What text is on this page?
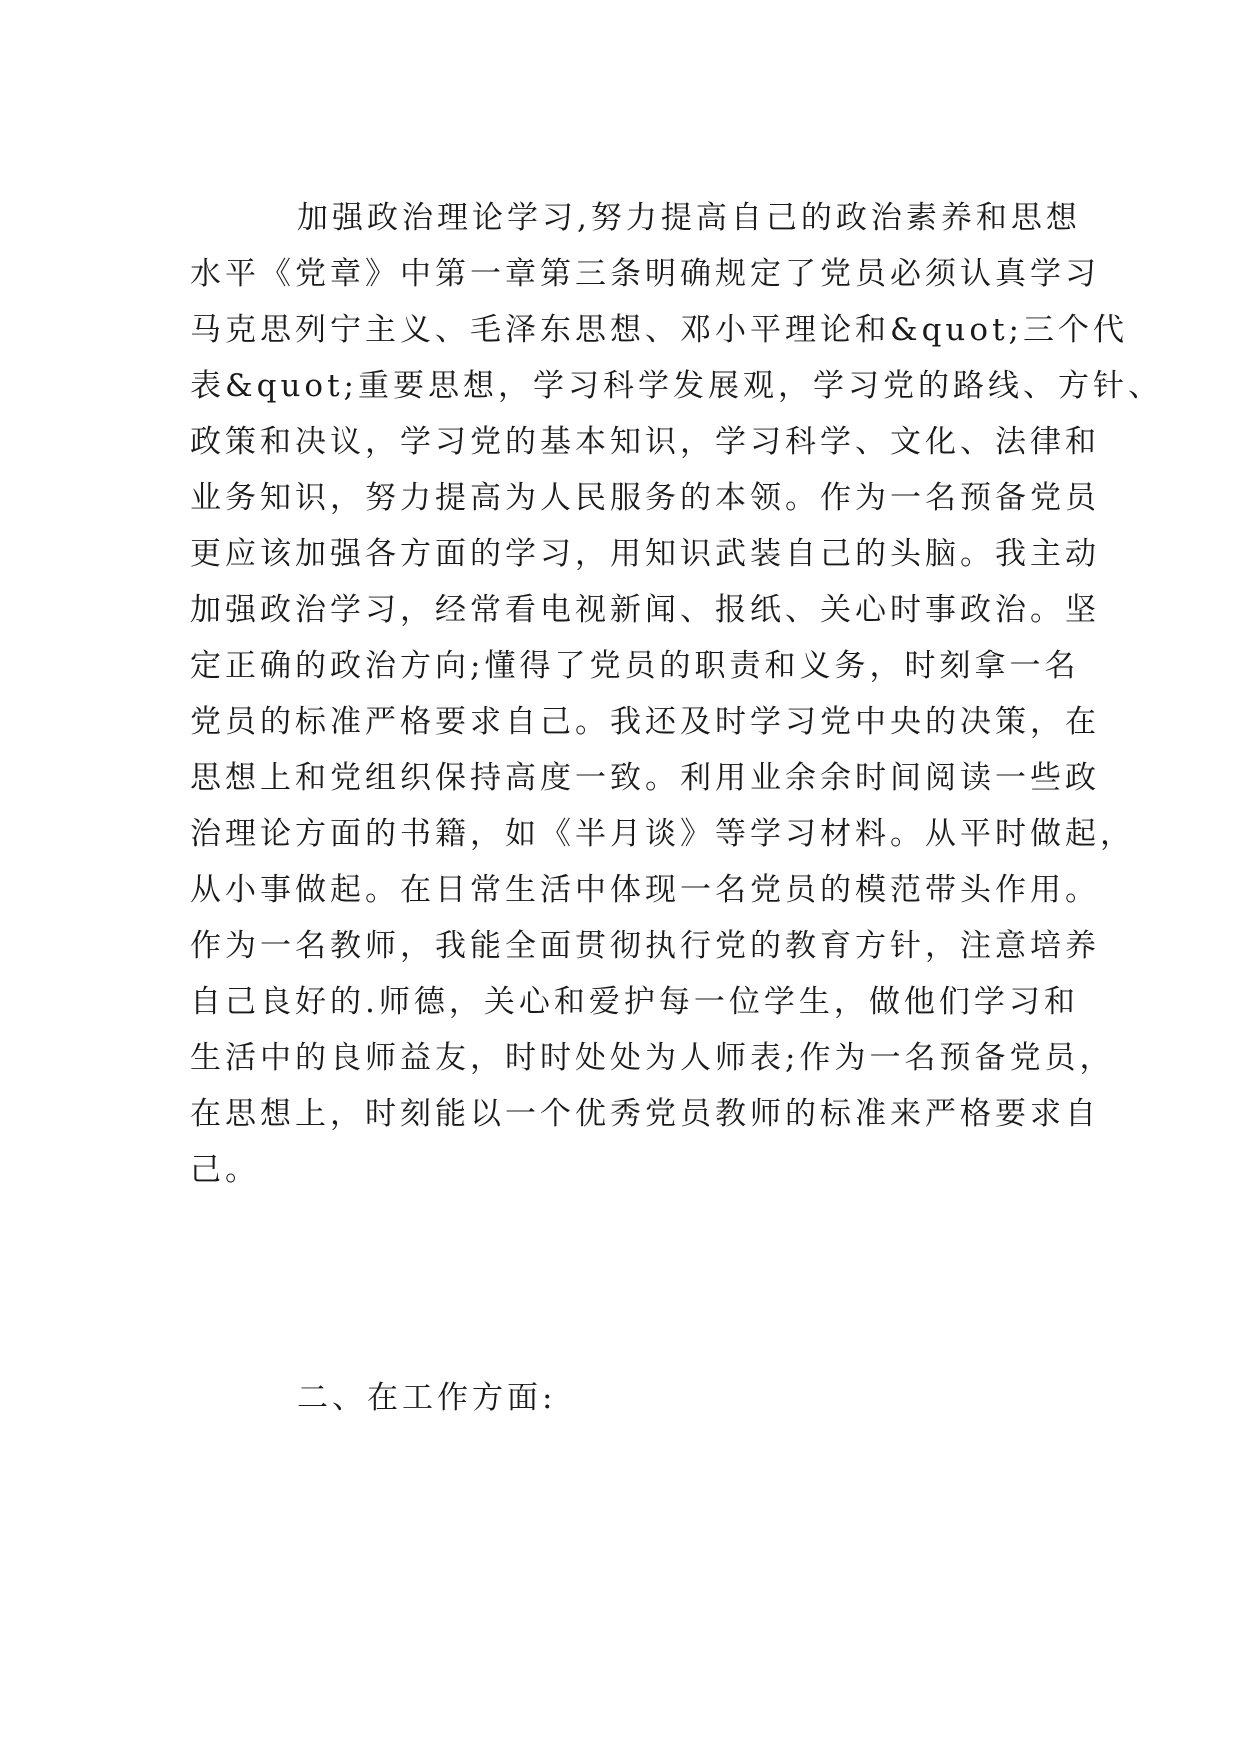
加强政治理论学习,努力提高自己的政治素养和思想
水平《党章》中第一章第三条明确规定了党员必须认真学习
马克思列宁主义、毛泽东思想、邓小平理论和&quot;三个代
表&quot;重要思想，学习科学发展观，学习党的路线、方针、
政策和决议，学习党的基本知识，学习科学、文化、法律和
业务知识，努力提高为人民服务的本领。作为一名预备党员
更应该加强各方面的学习，用知识武装自己的头脑。我主动
加强政治学习，经常看电视新闻、报纸、关心时事政治。坚
定正确的政治方向;懂得了党员的职责和义务，时刻拿一名
党员的标准严格要求自己。我还及时学习党中央的决策，在
思想上和党组织保持高度一致。利用业余余时间阅读一些政
治理论方面的书籍，如《半月谈》等学习材料。从平时做起，
从小事做起。在日常生活中体现一名党员的模范带头作用。
作为一名教师，我能全面贯彻执行党的教育方针，注意培养
自己良好的.师德，关心和爱护每一位学生，做他们学习和
生活中的良师益友，时时处处为人师表;作为一名预备党员，
在思想上，时刻能以一个优秀党员教师的标准来严格要求自
己。
二、在工作方面:
